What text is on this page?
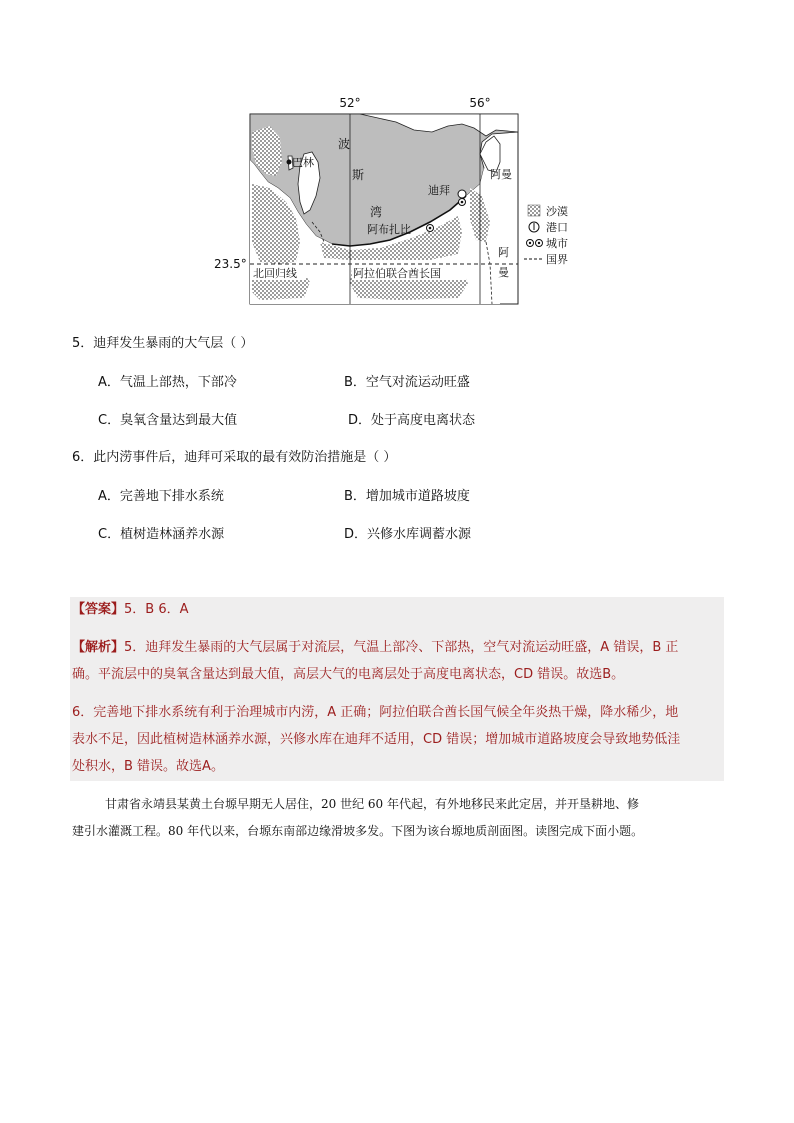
52°	56°
23.5°
波
斯
湾
巴林
迪拜
阿布扎比
阿曼
阿
曼
北回归线	阿拉伯联合酋长国
沙漠
港口
城市
国界
5．迪拜发生暴雨的大气层（ ）
A．气温上部热，下部冷	B．空气对流运动旺盛
C．臭氧含量达到最大值	D．处于高度电离状态
6．此内涝事件后，迪拜可采取的最有效防治措施是（ ）
A．完善地下排水系统	B．增加城市道路坡度
C．植树造林涵养水源	D．兴修水库调蓄水源
【答案】5．B 6．A
【解析】5．迪拜发生暴雨的大气层属于对流层，气温上部冷、下部热，空气对流运动旺盛，A 错误，B 正
确。平流层中的臭氧含量达到最大值，高层大气的电离层处于高度电离状态，CD 错误。故选B。
6．完善地下排水系统有利于治理城市内涝，A 正确；阿拉伯联合酋长国气候全年炎热干燥，降水稀少，地
表水不足，因此植树造林涵养水源，兴修水库在迪拜不适用，CD 错误；增加城市道路坡度会导致地势低洼
处积水，B 错误。故选A。
甘肃省永靖县某黄土台塬早期无人居住，20 世纪 60 年代起，有外地移民来此定居，并开垦耕地、修
建引水灌溉工程。80 年代以来，台塬东南部边缘滑坡多发。下图为该台塬地质剖面图。读图完成下面小题。
